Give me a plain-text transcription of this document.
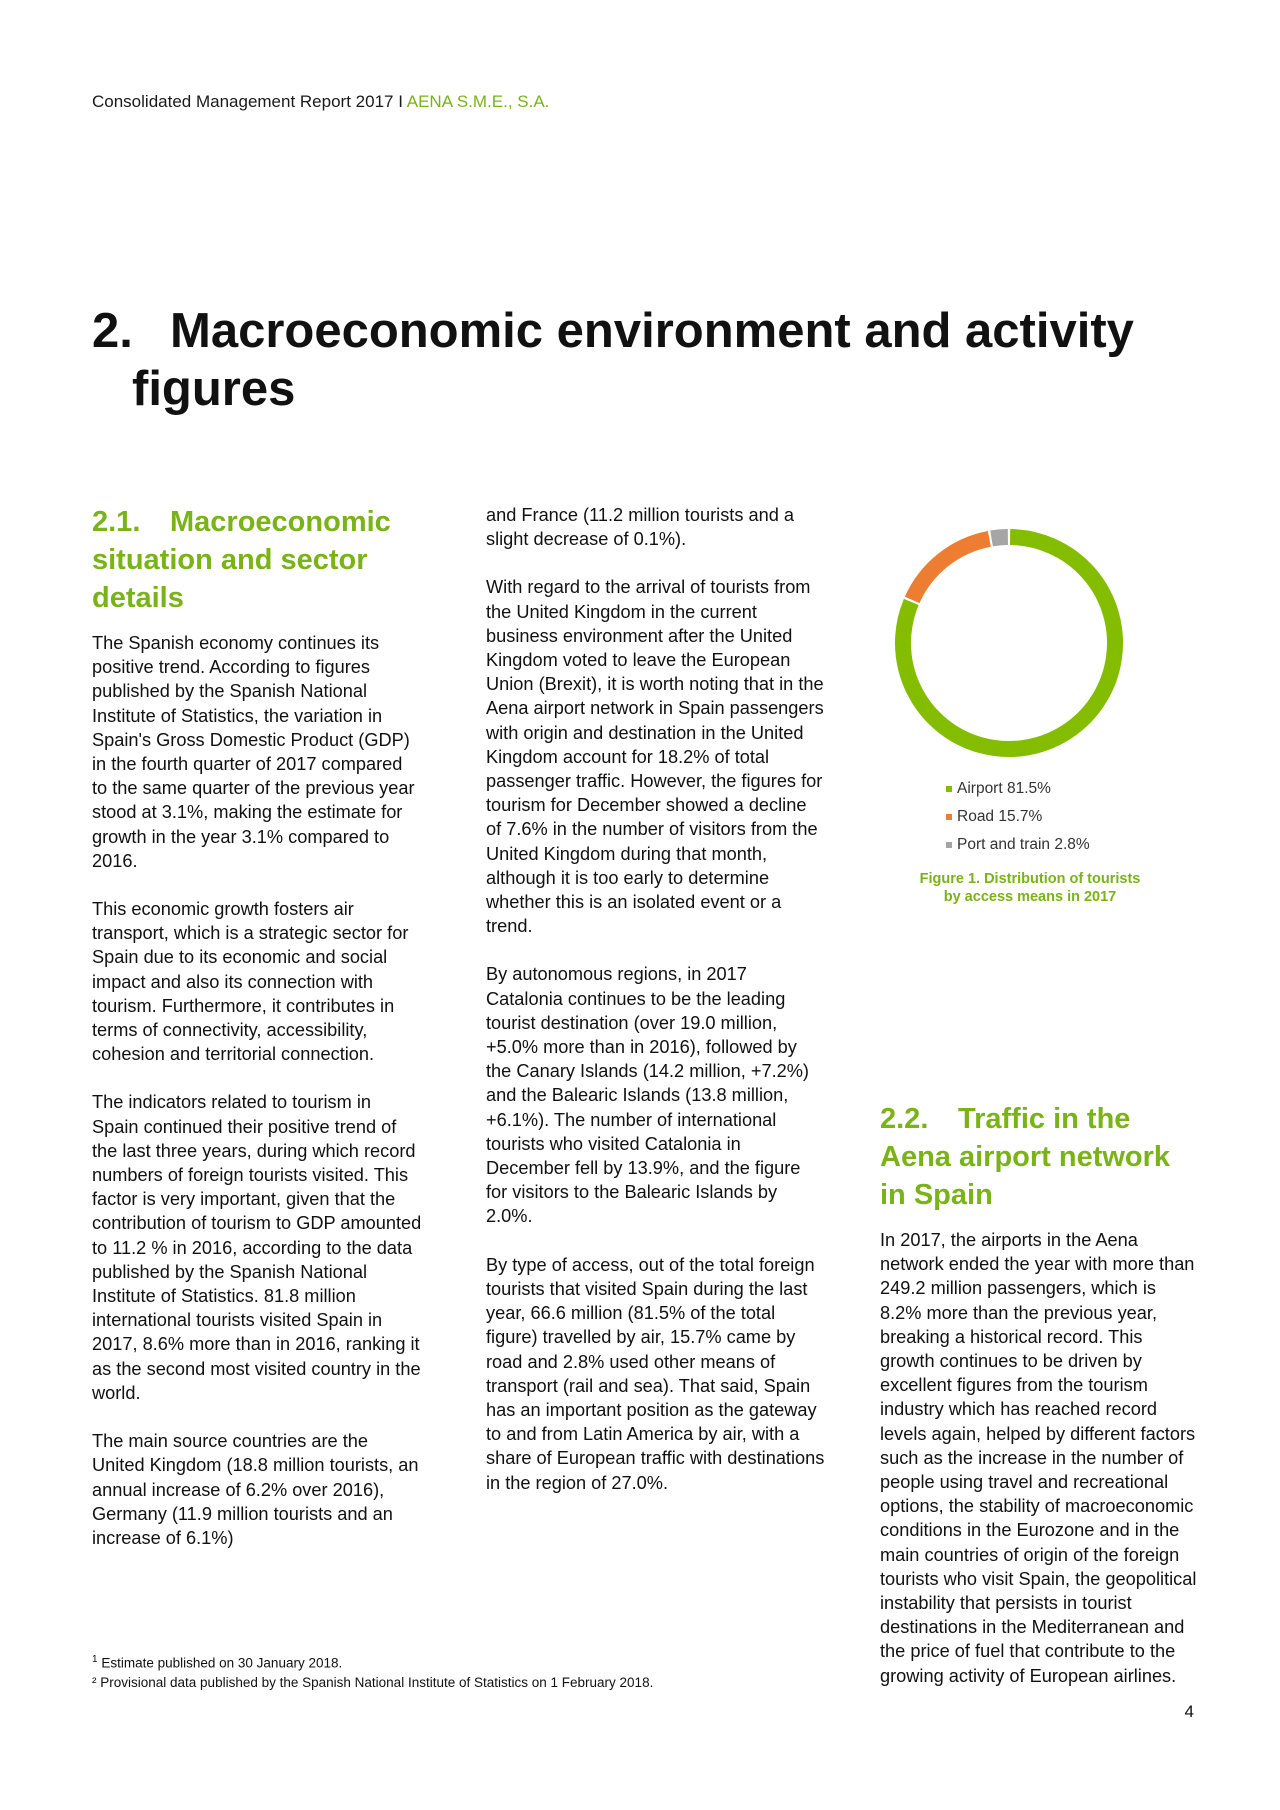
Consolidated Management Report 2017 I AENA S.M.E., S.A.
2. Macroeconomic environment and activity
figures
2.1. Macroeconomic situation and sector details

The Spanish economy continues its positive trend. According to figures published by the Spanish National Institute of Statistics, the variation in Spain's Gross Domestic Product (GDP) in the fourth quarter of 2017 compared to the same quarter of the previous year stood at 3.1%, making the estimate for growth in the year 3.1% compared to 2016.

This economic growth fosters air transport, which is a strategic sector for Spain due to its economic and social impact and also its connection with tourism. Furthermore, it contributes in terms of connectivity, accessibility, cohesion and territorial connection.

The indicators related to tourism in Spain continued their positive trend of the last three years, during which record numbers of foreign tourists visited. This factor is very important, given that the contribution of tourism to GDP amounted to 11.2 % in 2016, according to the data published by the Spanish National Institute of Statistics. 81.8 million international tourists visited Spain in 2017, 8.6% more than in 2016, ranking it as the second most visited country in the world.

The main source countries are the United Kingdom (18.8 million tourists, an annual increase of 6.2% over 2016), Germany (11.9 million tourists and an increase of 6.1%)

and France (11.2 million tourists and a slight decrease of 0.1%).

With regard to the arrival of tourists from the United Kingdom in the current business environment after the United Kingdom voted to leave the European Union (Brexit), it is worth noting that in the Aena airport network in Spain passengers with origin and destination in the United Kingdom account for 18.2% of total passenger traffic. However, the figures for tourism for December showed a decline of 7.6% in the number of visitors from the United Kingdom during that month, although it is too early to determine whether this is an isolated event or a trend.

By autonomous regions, in 2017 Catalonia continues to be the leading tourist destination (over 19.0 million, +5.0% more than in 2016), followed by the Canary Islands (14.2 million, +7.2%) and the Balearic Islands (13.8 million, +6.1%). The number of international tourists who visited Catalonia in December fell by 13.9%, and the figure for visitors to the Balearic Islands by 2.0%.

By type of access, out of the total foreign tourists that visited Spain during the last year, 66.6 million (81.5% of the total figure) travelled by air, 15.7% came by road and 2.8% used other means of transport (rail and sea). That said, Spain has an important position as the gateway to and from Latin America by air, with a share of European traffic with destinations in the region of 27.0%.

Airport 81.5%
Road 15.7%
Port and train 2.8%
Figure 1. Distribution of tourists
by access means in 2017
2.2. Traffic in the Aena airport network in Spain

In 2017, the airports in the Aena network ended the year with more than 249.2 million passengers, which is 8.2% more than the previous year, breaking a historical record. This growth continues to be driven by excellent figures from the tourism industry which has reached record levels again, helped by different factors such as the increase in the number of people using travel and recreational options, the stability of macroeconomic conditions in the Eurozone and in the main countries of origin of the foreign tourists who visit Spain, the geopolitical instability that persists in tourist destinations in the Mediterranean and the price of fuel that contribute to the growing activity of European airlines.

$^1$ Estimate published on 30 January 2018.
² Provisional data published by the Spanish National Institute of Statistics on 1 February 2018.
4
